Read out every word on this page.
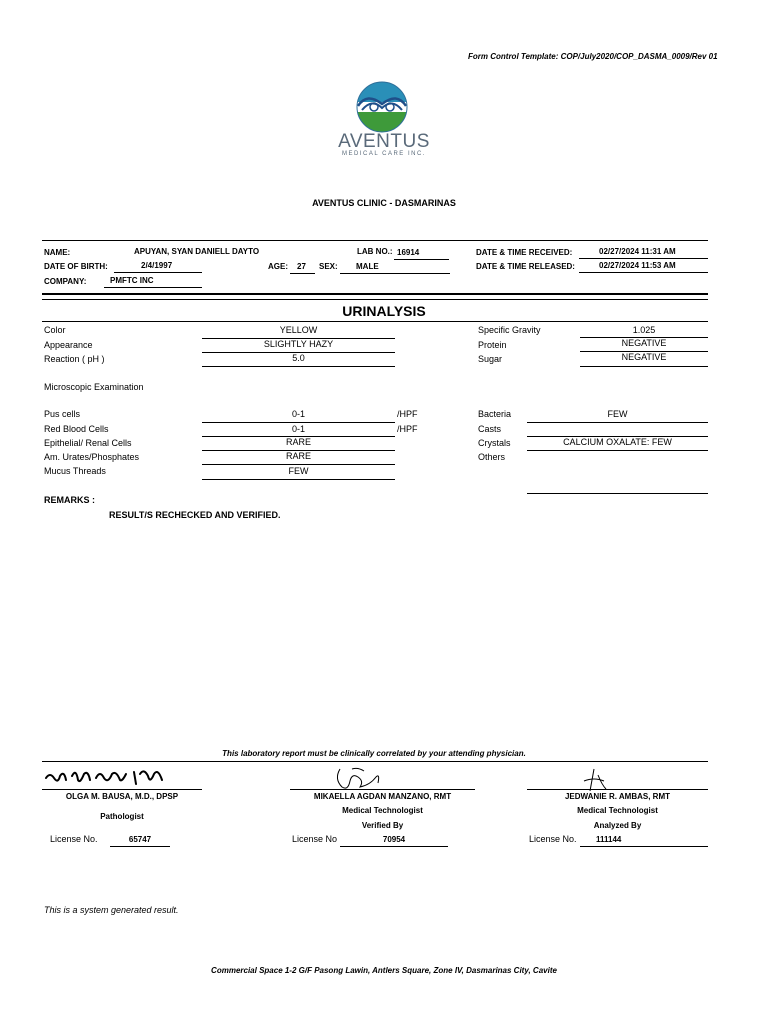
Form Control Template: COP/July2020/COP_DASMA_0009/Rev 01
AVENTUS
MEDICAL CARE INC.
AVENTUS CLINIC - DASMARINAS
NAME:	APUYAN, SYAN DANIELL DAYTO	LAB NO.: 16914	DATE & TIME RECEIVED:	02/27/2024 11:31 AM
DATE OF BIRTH:	2/4/1997	AGE: 27 SEX: MALE	DATE & TIME RELEASED:	02/27/2024 11:53 AM
COMPANY:	PMFTC INC
URINALYSIS
Color	YELLOW
Appearance	SLIGHTLY HAZY
Reaction ( pH )	5.0
Specific Gravity	1.025
Protein	NEGATIVE
Sugar	NEGATIVE
Microscopic Examination
Pus cells	0-1	/HPF
Red Blood Cells	0-1	/HPF
Epithelial/ Renal Cells	RARE
Am. Urates/Phosphates	RARE
Mucus Threads	FEW
Bacteria	FEW
Casts
Crystals	CALCIUM OXALATE: FEW
Others
REMARKS :
RESULT/S RECHECKED AND VERIFIED.
This laboratory report must be clinically correlated by your attending physician.
OLGA M. BAUSA, M.D., DPSP
Pathologist
License No.	65747
MIKAELLA AGDAN MANZANO, RMT
Medical Technologist
Verified By
License No	70954
JEDWANIE R. AMBAS, RMT
Medical Technologist
Analyzed By
License No. 111144
This is a system generated result.
Commercial Space 1-2 G/F Pasong Lawin, Antlers Square, Zone IV, Dasmarinas City, Cavite
